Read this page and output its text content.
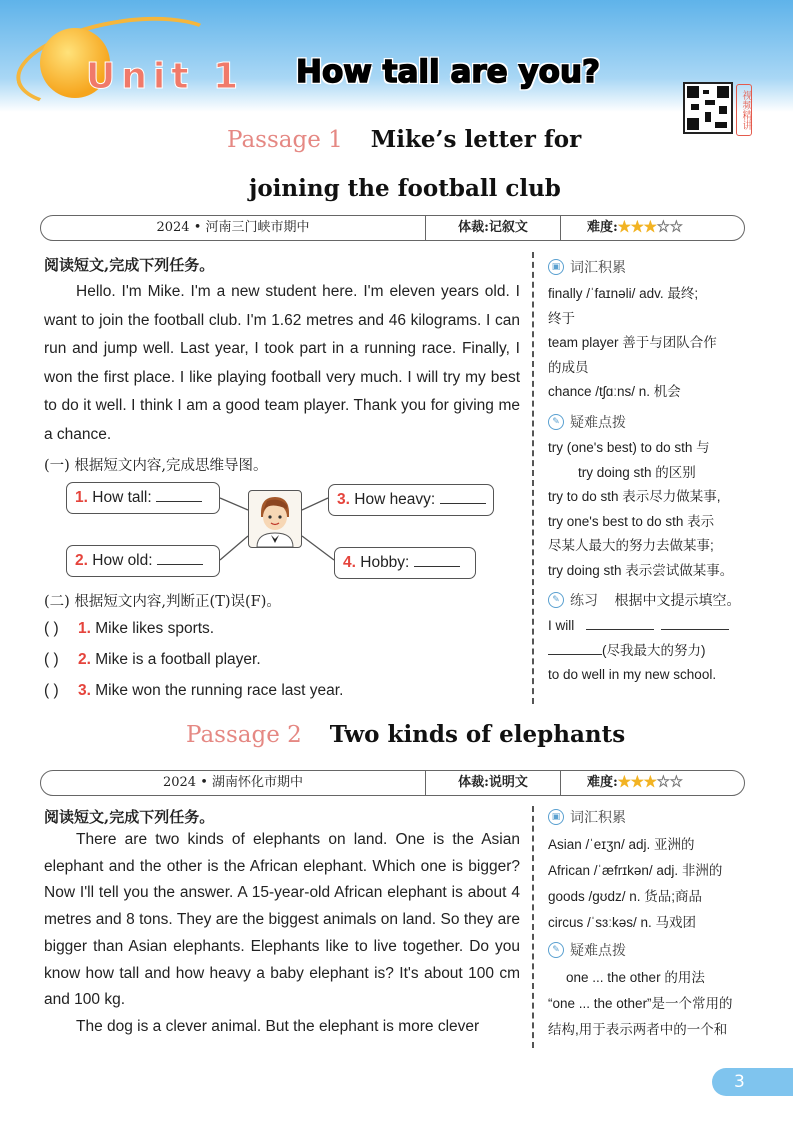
Unit 1 How tall are you?
视频精讲
Passage 1 Mike’s letter for
joining the football club
2024 • 河南三门峡市期中	体裁:记叙文	难度:★★★☆☆
阅读短文,完成下列任务。
Hello. I'm Mike. I'm a new student here. I'm eleven years old. I want to join the football club. I'm 1.62 metres and 46 kilograms. I can run and jump well. Last year, I took part in a running race. Finally, I won the first place. I like playing football very much. I will try my best to do it well. I think I am a good team player. Thank you for giving me a chance.
(一) 根据短文内容,完成思维导图。
1. How tall:	3. How heavy:
2. How old:	4. Hobby:
(二) 根据短文内容,判断正(T)误(F)。
( ) 1. Mike likes sports.
( ) 2. Mike is a football player.
( ) 3. Mike won the running race last year.
▣ 词汇积累
finally /ˈfaɪnəli/ adv. 最终;
终于
team player 善于与团队合作
的成员
chance /tʃɑːns/ n. 机会
✎ 疑难点拨
try (one's best) to do sth 与
try doing sth 的区别
try to do sth 表示尽力做某事,
try one's best to do sth 表示
尽某人最大的努力去做某事;
try doing sth 表示尝试做某事。
✎ 练习
根据中文提示填空。
I will
(尽我最大的努力)
to do well in my new school.
Passage 2 Two kinds of elephants
2024 • 湖南怀化市期中	体裁:说明文	难度:★★★☆☆
阅读短文,完成下列任务。
There are two kinds of elephants on land. One is the Asian elephant and the other is the African elephant. Which one is bigger? Now I'll tell you the answer. A 15-year-old African elephant is about 4 metres and 8 tons. They are the biggest animals on land. So they are bigger than Asian elephants. Elephants like to live together. Do you know how tall and how heavy a baby elephant is? It's about 100 cm and 100 kg.
The dog is a clever animal. But the elephant is more clever
▣ 词汇积累
Asian /ˈeɪʒn/ adj. 亚洲的
African /ˈæfrɪkən/ adj. 非洲的
goods /ɡʊdz/ n. 货品;商品
circus /ˈsɜːkəs/ n. 马戏团
✎ 疑难点拨
one ... the other 的用法
“one ... the other”是一个常用的
结构,用于表示两者中的一个和
3
